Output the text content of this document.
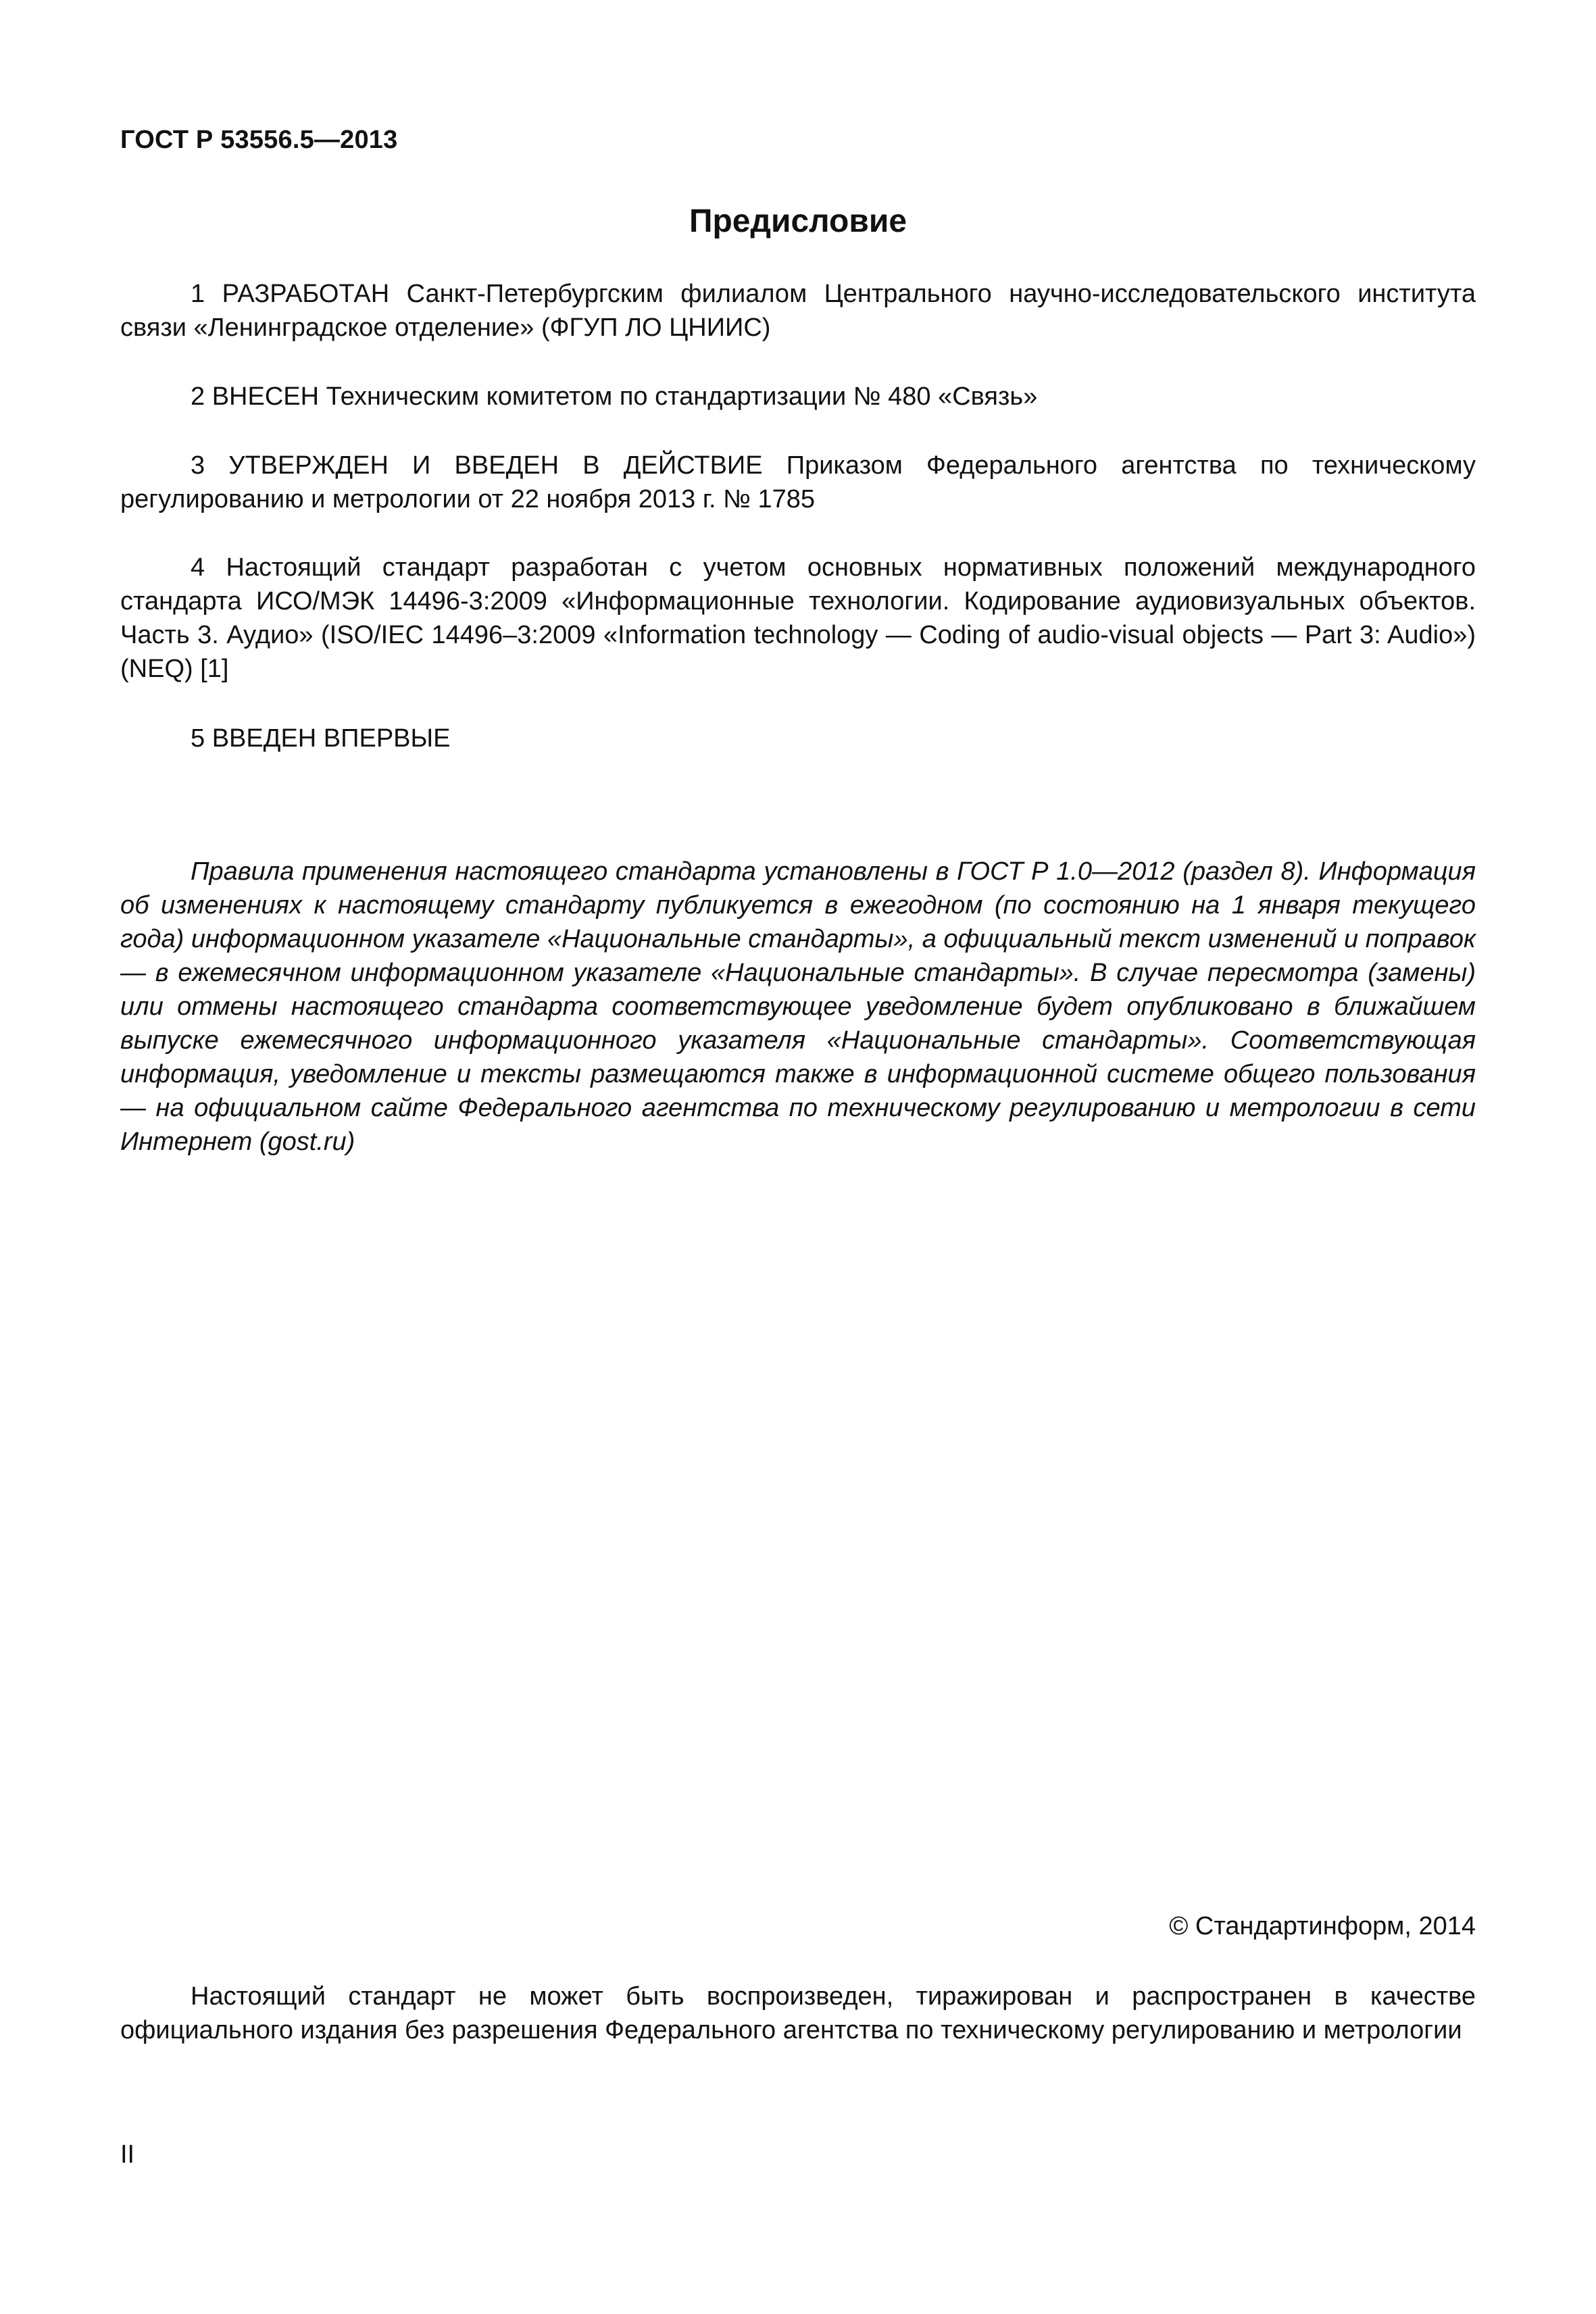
ГОСТ Р 53556.5—2013
Предисловие

1 РАЗРАБОТАН Санкт-Петербургским филиалом Центрального научно-исследовательского института связи «Ленинградское отделение» (ФГУП ЛО ЦНИИС)

2 ВНЕСЕН Техническим комитетом по стандартизации № 480 «Связь»

3 УТВЕРЖДЕН И ВВЕДЕН В ДЕЙСТВИЕ Приказом Федерального агентства по техническому регулированию и метрологии от 22 ноября 2013 г. № 1785

4 Настоящий стандарт разработан с учетом основных нормативных положений международного стандарта ИСО/МЭК 14496-3:2009 «Информационные технологии. Кодирование аудиовизуальных объектов. Часть 3. Аудио» (ISO/IEC 14496–3:2009 «Information technology — Coding of audio-visual objects — Part 3: Audio») (NEQ) [1]

5 ВВЕДЕН ВПЕРВЫЕ

Правила применения настоящего стандарта установлены в ГОСТ Р 1.0—2012 (раздел 8). Информация об изменениях к настоящему стандарту публикуется в ежегодном (по состоянию на 1 января текущего года) информационном указателе «Национальные стандарты», а официальный текст изменений и поправок — в ежемесячном информационном указателе «Национальные стандарты». В случае пересмотра (замены) или отмены настоящего стандарта соответствующее уведомление будет опубликовано в ближайшем выпуске ежемесячного информационного указателя «Национальные стандарты». Соответствующая информация, уведомление и тексты размещаются также в информационной системе общего пользования — на официальном сайте Федерального агентства по техническому регулированию и метрологии в сети Интернет (gost.ru)

© Стандартинформ, 2014

Настоящий стандарт не может быть воспроизведен, тиражирован и распространен в качестве официального издания без разрешения Федерального агентства по техническому регулированию и метрологии

II
